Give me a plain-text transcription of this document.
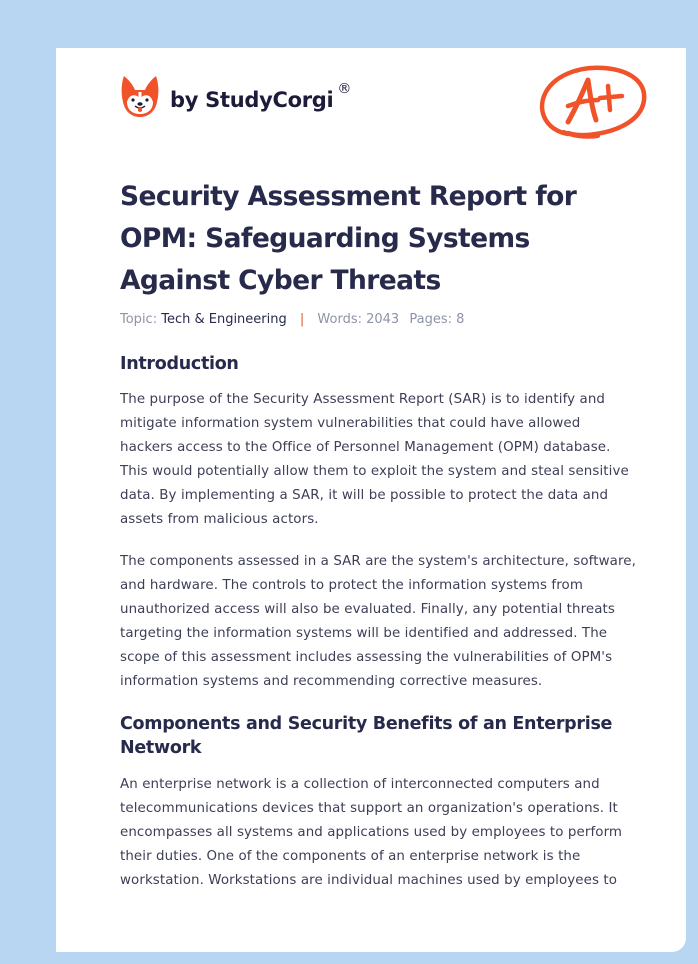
by StudyCorgi ®
Security Assessment Report for OPM: Safeguarding Systems Against Cyber Threats
Topic: Tech & Engineering | Words: 2043 Pages: 8
Introduction

The purpose of the Security Assessment Report (SAR) is to identify and mitigate information system vulnerabilities that could have allowed hackers access to the Office of Personnel Management (OPM) database. This would potentially allow them to exploit the system and steal sensitive data. By implementing a SAR, it will be possible to protect the data and assets from malicious actors.

The components assessed in a SAR are the system's architecture, software, and hardware. The controls to protect the information systems from unauthorized access will also be evaluated. Finally, any potential threats targeting the information systems will be identified and addressed. The scope of this assessment includes assessing the vulnerabilities of OPM's information systems and recommending corrective measures.

Components and Security Benefits of an Enterprise Network

An enterprise network is a collection of interconnected computers and telecommunications devices that support an organization's operations. It encompasses all systems and applications used by employees to perform their duties. One of the components of an enterprise network is the workstation. Workstations are individual machines used by employees to
